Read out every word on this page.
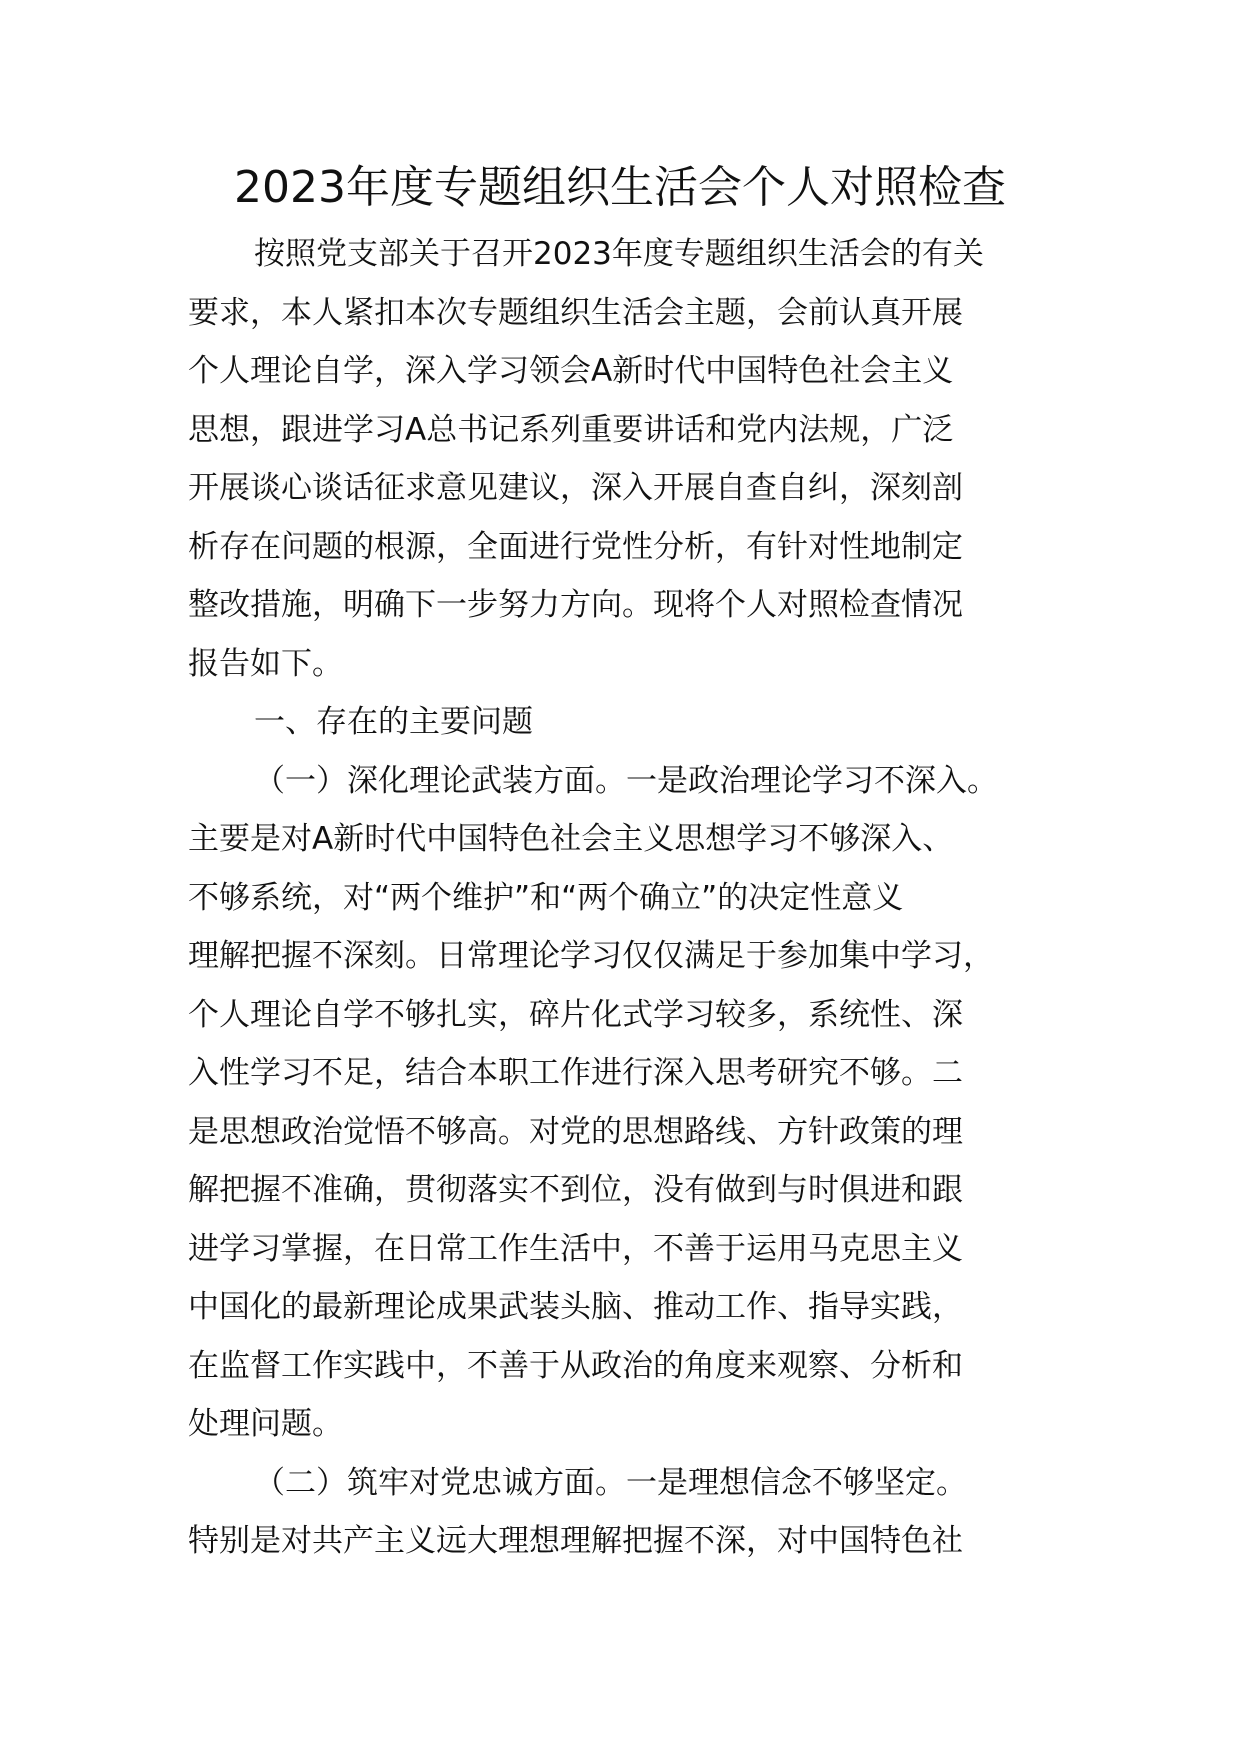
2023年度专题组织生活会个人对照检查
按照党支部关于召开2023年度专题组织生活会的有关
要求，本人紧扣本次专题组织生活会主题，会前认真开展
个人理论自学，深入学习领会A新时代中国特色社会主义
思想，跟进学习A总书记系列重要讲话和党内法规，广泛
开展谈心谈话征求意见建议，深入开展自查自纠，深刻剖
析存在问题的根源，全面进行党性分析，有针对性地制定
整改措施，明确下一步努力方向。现将个人对照检查情况
报告如下。
一、存在的主要问题
（一）深化理论武装方面。一是政治理论学习不深入。
主要是对A新时代中国特色社会主义思想学习不够深入、
不够系统，对“两个维护”和“两个确立”的决定性意义
理解把握不深刻。日常理论学习仅仅满足于参加集中学习，
个人理论自学不够扎实，碎片化式学习较多，系统性、深
入性学习不足，结合本职工作进行深入思考研究不够。二
是思想政治觉悟不够高。对党的思想路线、方针政策的理
解把握不准确，贯彻落实不到位，没有做到与时俱进和跟
进学习掌握，在日常工作生活中，不善于运用马克思主义
中国化的最新理论成果武装头脑、推动工作、指导实践，
在监督工作实践中，不善于从政治的角度来观察、分析和
处理问题。
（二）筑牢对党忠诚方面。一是理想信念不够坚定。
特别是对共产主义远大理想理解把握不深，对中国特色社
